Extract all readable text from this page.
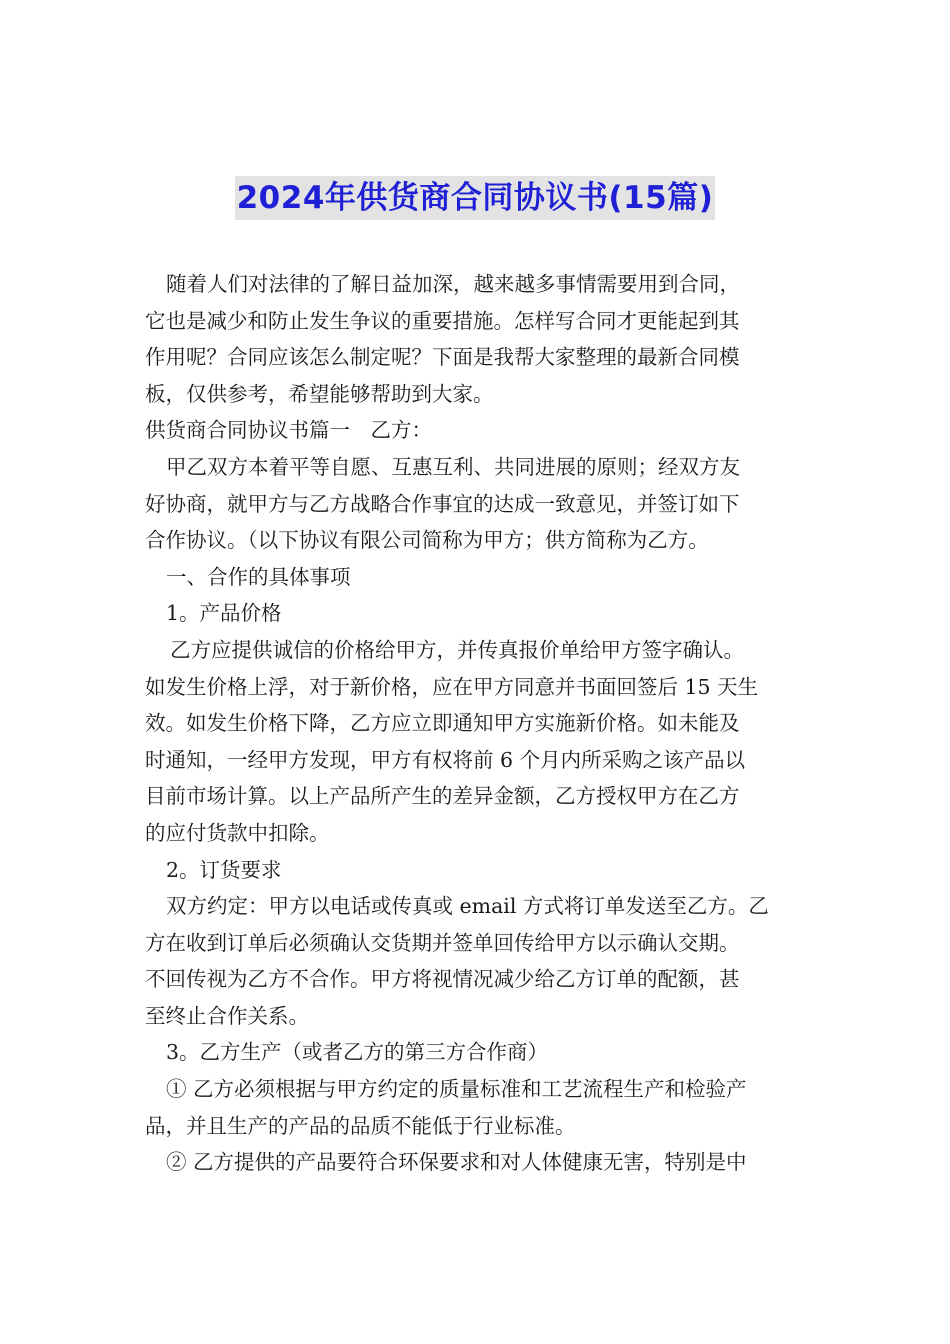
2024年供货商合同协议书(15篇)

随着人们对法律的了解日益加深，越来越多事情需要用到合同，

它也是减少和防止发生争议的重要措施。怎样写合同才更能起到其

作用呢？合同应该怎么制定呢？下面是我帮大家整理的最新合同模

板，仅供参考，希望能够帮助到大家。

供货商合同协议书篇一　乙方：

甲乙双方本着平等自愿、互惠互利、共同进展的原则；经双方友

好协商，就甲方与乙方战略合作事宜的达成一致意见，并签订如下

合作协议。（以下协议有限公司简称为甲方；供方简称为乙方。

一、合作的具体事项

1。产品价格

乙方应提供诚信的价格给甲方，并传真报价单给甲方签字确认。

如发生价格上浮，对于新价格，应在甲方同意并书面回签后 15 天生

效。如发生价格下降，乙方应立即通知甲方实施新价格。如未能及

时通知，一经甲方发现，甲方有权将前 6 个月内所采购之该产品以

目前市场计算。以上产品所产生的差异金额，乙方授权甲方在乙方

的应付货款中扣除。

2。订货要求

双方约定：甲方以电话或传真或 email 方式将订单发送至乙方。乙

方在收到订单后必须确认交货期并签单回传给甲方以示确认交期。

不回传视为乙方不合作。甲方将视情况减少给乙方订单的配额，甚

至终止合作关系。

3。乙方生产（或者乙方的第三方合作商）

① 乙方必须根据与甲方约定的质量标准和工艺流程生产和检验产

品，并且生产的产品的品质不能低于行业标准。

② 乙方提供的产品要符合环保要求和对人体健康无害，特别是中
